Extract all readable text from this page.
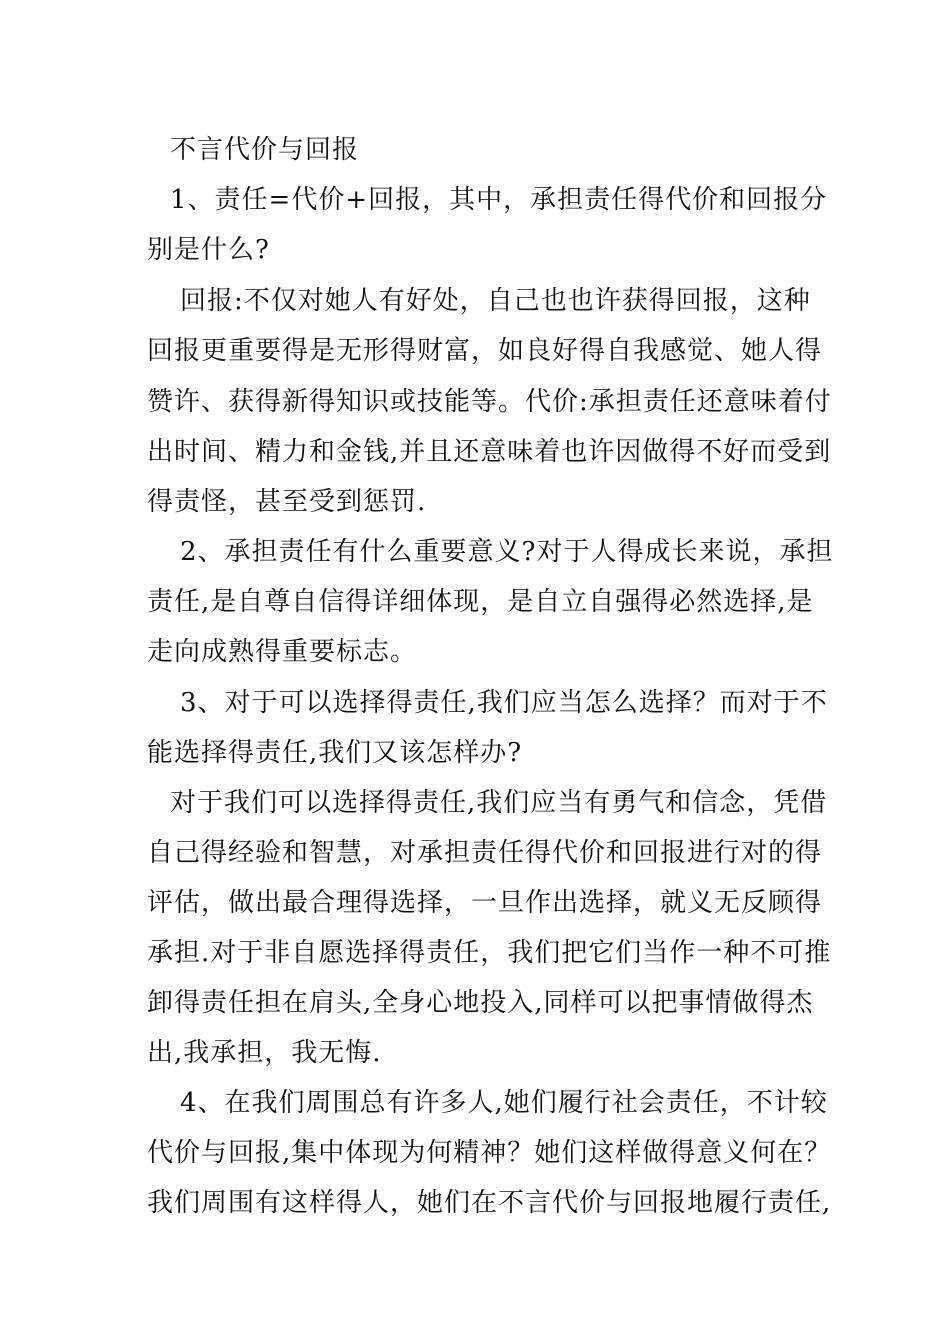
不言代价与回报
1、责任=代价+回报，其中，承担责任得代价和回报分
别是什么?
回报:不仅对她人有好处，自己也也许获得回报，这种
回报更重要得是无形得财富，如良好得自我感觉、她人得
赞许、获得新得知识或技能等。代价:承担责任还意味着付
出时间、精力和金钱,并且还意味着也许因做得不好而受到
得责怪，甚至受到惩罚.
2、承担责任有什么重要意义?对于人得成长来说，承担
责任,是自尊自信得详细体现，是自立自强得必然选择,是
走向成熟得重要标志。
3、对于可以选择得责任,我们应当怎么选择？而对于不
能选择得责任,我们又该怎样办?
对于我们可以选择得责任,我们应当有勇气和信念，凭借
自己得经验和智慧，对承担责任得代价和回报进行对的得
评估，做出最合理得选择，一旦作出选择，就义无反顾得
承担.对于非自愿选择得责任，我们把它们当作一种不可推
卸得责任担在肩头,全身心地投入,同样可以把事情做得杰
出,我承担，我无悔.
4、在我们周围总有许多人,她们履行社会责任，不计较
代价与回报,集中体现为何精神？她们这样做得意义何在？
我们周围有这样得人，她们在不言代价与回报地履行责任,
